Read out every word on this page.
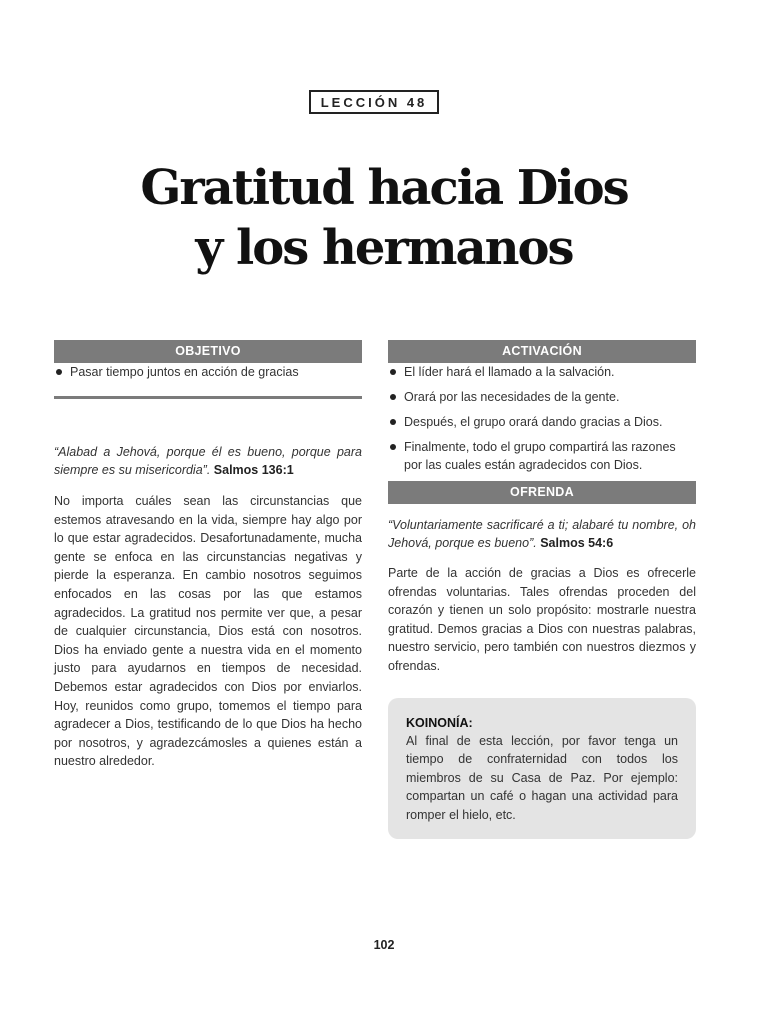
LECCIÓN 48
Gratitud hacia Dios
y los hermanos
OBJETIVO
Pasar tiempo juntos en acción de gracias

“Alabad a Jehová, porque él es bueno, porque para siempre es su misericordia”. Salmos 136:1

No importa cuáles sean las circunstancias que estemos atravesando en la vida, siempre hay algo por lo que estar agradecidos. Desafortunadamente, mucha gente se enfoca en las circunstancias negativas y pierde la esperanza. En cambio nosotros seguimos enfocados en las cosas por las que estamos agradecidos. La gratitud nos permite ver que, a pesar de cualquier circunstancia, Dios está con nosotros. Dios ha enviado gente a nuestra vida en el momento justo para ayudarnos en tiempos de necesidad. Debemos estar agradecidos con Dios por enviarlos. Hoy, reunidos como grupo, tomemos el tiempo para agradecer a Dios, testificando de lo que Dios ha hecho por nosotros, y agradezcámosles a quienes están a nuestro alrededor.

ACTIVACIÓN
El líder hará el llamado a la salvación.
Orará por las necesidades de la gente.
Después, el grupo orará dando gracias a Dios.
Finalmente, todo el grupo compartirá las razones por las cuales están agradecidos con Dios.
OFRENDA

“Voluntariamente sacrificaré a ti; alabaré tu nombre, oh Jehová, porque es bueno”. Salmos 54:6

Parte de la acción de gracias a Dios es ofrecerle ofrendas voluntarias. Tales ofrendas proceden del corazón y tienen un solo propósito: mostrarle nuestra gratitud. Demos gracias a Dios con nuestras palabras, nuestro servicio, pero también con nuestros diezmos y ofrendas.

KOINONÍA:

Al final de esta lección, por favor tenga un tiempo de confraternidad con todos los miembros de su Casa de Paz. Por ejemplo: compartan un café o hagan una actividad para romper el hielo, etc.

102
